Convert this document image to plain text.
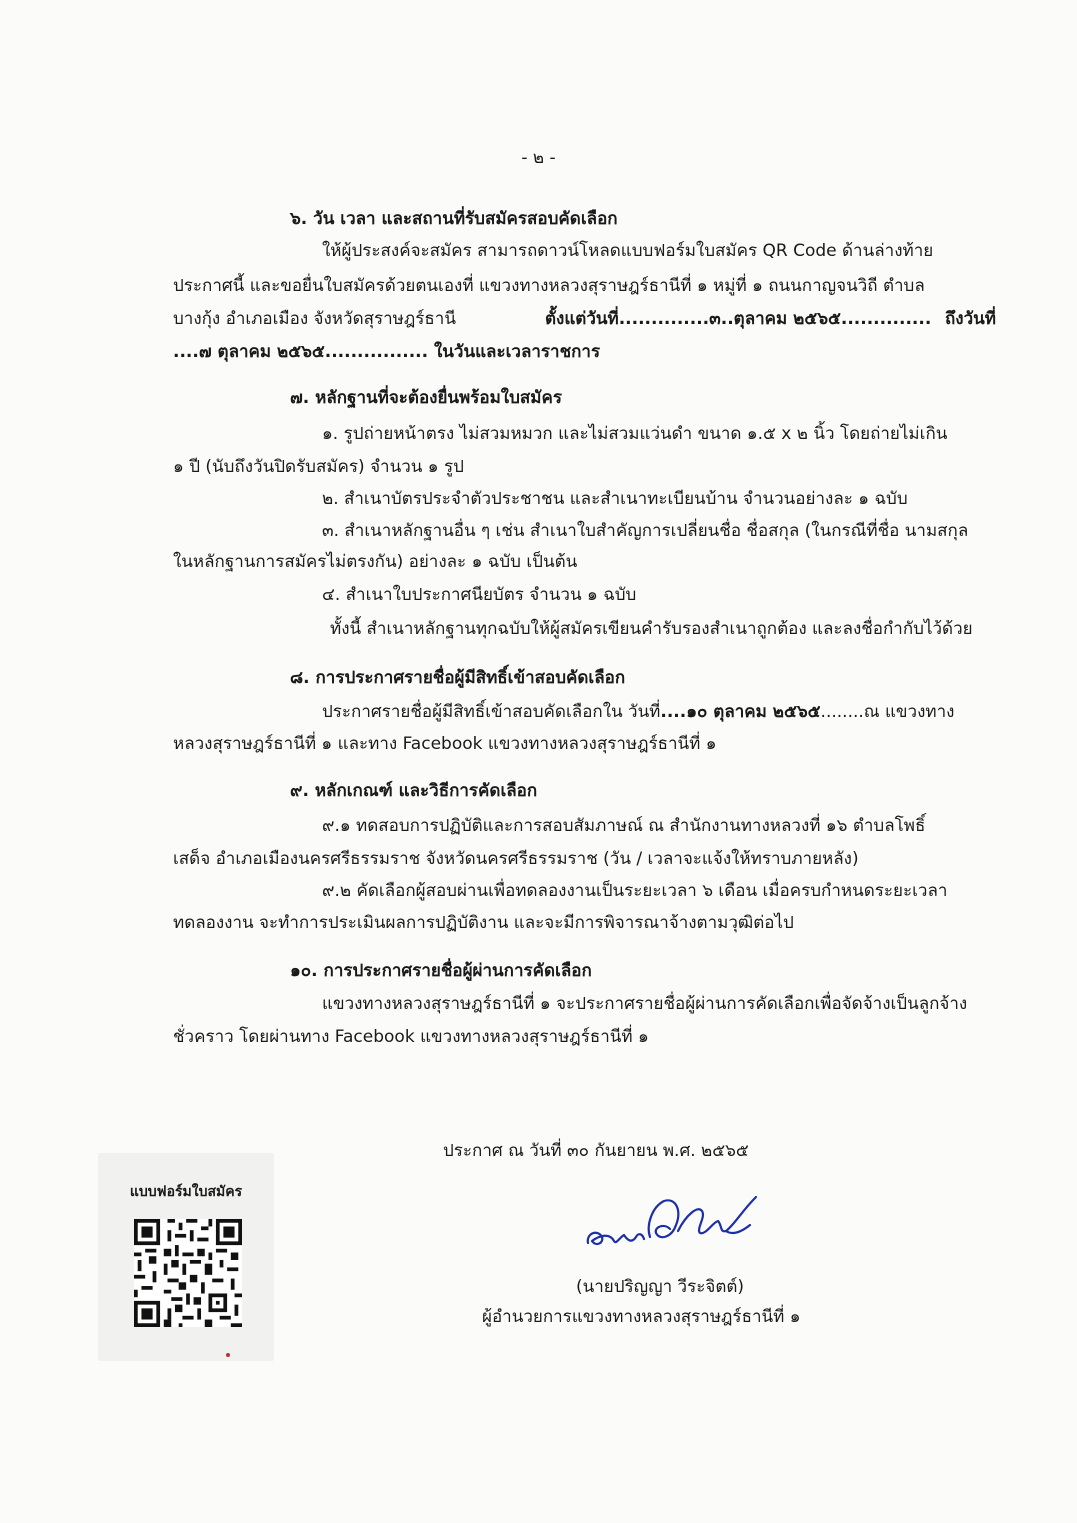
- ๒ -
๖. วัน เวลา และสถานที่รับสมัครสอบคัดเลือก
ให้ผู้ประสงค์จะสมัคร สามารถดาวน์โหลดแบบฟอร์มใบสมัคร QR Code ด้านล่างท้าย
ประกาศนี้ และขอยื่นใบสมัครด้วยตนเองที่ แขวงทางหลวงสุราษฎร์ธานีที่ ๑ หมู่ที่ ๑ ถนนกาญจนวิถี ตำบล
บางกุ้ง อำเภอเมือง จังหวัดสุราษฎร์ธานี	ตั้งแต่วันที่..............๓..ตุลาคม ๒๕๖๕.............. ถึงวันที่
....๗ ตุลาคม ๒๕๖๕................ ในวันและเวลาราชการ
๗. หลักฐานที่จะต้องยื่นพร้อมใบสมัคร
๑. รูปถ่ายหน้าตรง ไม่สวมหมวก และไม่สวมแว่นดำ ขนาด ๑.๕ x ๒ นิ้ว โดยถ่ายไม่เกิน
๑ ปี (นับถึงวันปิดรับสมัคร) จำนวน ๑ รูป
๒. สำเนาบัตรประจำตัวประชาชน และสำเนาทะเบียนบ้าน จำนวนอย่างละ ๑ ฉบับ
๓. สำเนาหลักฐานอื่น ๆ เช่น สำเนาใบสำคัญการเปลี่ยนชื่อ ชื่อสกุล (ในกรณีที่ชื่อ นามสกุล
ในหลักฐานการสมัครไม่ตรงกัน) อย่างละ ๑ ฉบับ เป็นต้น
๔. สำเนาใบประกาศนียบัตร จำนวน ๑ ฉบับ
ทั้งนี้ สำเนาหลักฐานทุกฉบับให้ผู้สมัครเขียนคำรับรองสำเนาถูกต้อง และลงชื่อกำกับไว้ด้วย
๘. การประกาศรายชื่อผู้มีสิทธิ์เข้าสอบคัดเลือก
ประกาศรายชื่อผู้มีสิทธิ์เข้าสอบคัดเลือกใน วันที่....๑๐ ตุลาคม ๒๕๖๕........ณ แขวงทาง
หลวงสุราษฎร์ธานีที่ ๑ และทาง Facebook แขวงทางหลวงสุราษฎร์ธานีที่ ๑
๙. หลักเกณฑ์ และวิธีการคัดเลือก
๙.๑ ทดสอบการปฏิบัติและการสอบสัมภาษณ์ ณ สำนักงานทางหลวงที่ ๑๖ ตำบลโพธิ์
เสด็จ อำเภอเมืองนครศรีธรรมราช จังหวัดนครศรีธรรมราช (วัน / เวลาจะแจ้งให้ทราบภายหลัง)
๙.๒ คัดเลือกผู้สอบผ่านเพื่อทดลองงานเป็นระยะเวลา ๖ เดือน เมื่อครบกำหนดระยะเวลา
ทดลองงาน จะทำการประเมินผลการปฏิบัติงาน และจะมีการพิจารณาจ้างตามวุฒิต่อไป
๑๐. การประกาศรายชื่อผู้ผ่านการคัดเลือก
แขวงทางหลวงสุราษฎร์ธานีที่ ๑ จะประกาศรายชื่อผู้ผ่านการคัดเลือกเพื่อจัดจ้างเป็นลูกจ้าง
ชั่วคราว โดยผ่านทาง Facebook แขวงทางหลวงสุราษฎร์ธานีที่ ๑
ประกาศ ณ วันที่ ๓๐ กันยายน พ.ศ. ๒๕๖๕
แบบฟอร์มใบสมัคร
(นายปริญญา วีระจิตต์)
ผู้อำนวยการแขวงทางหลวงสุราษฎร์ธานีที่ ๑
